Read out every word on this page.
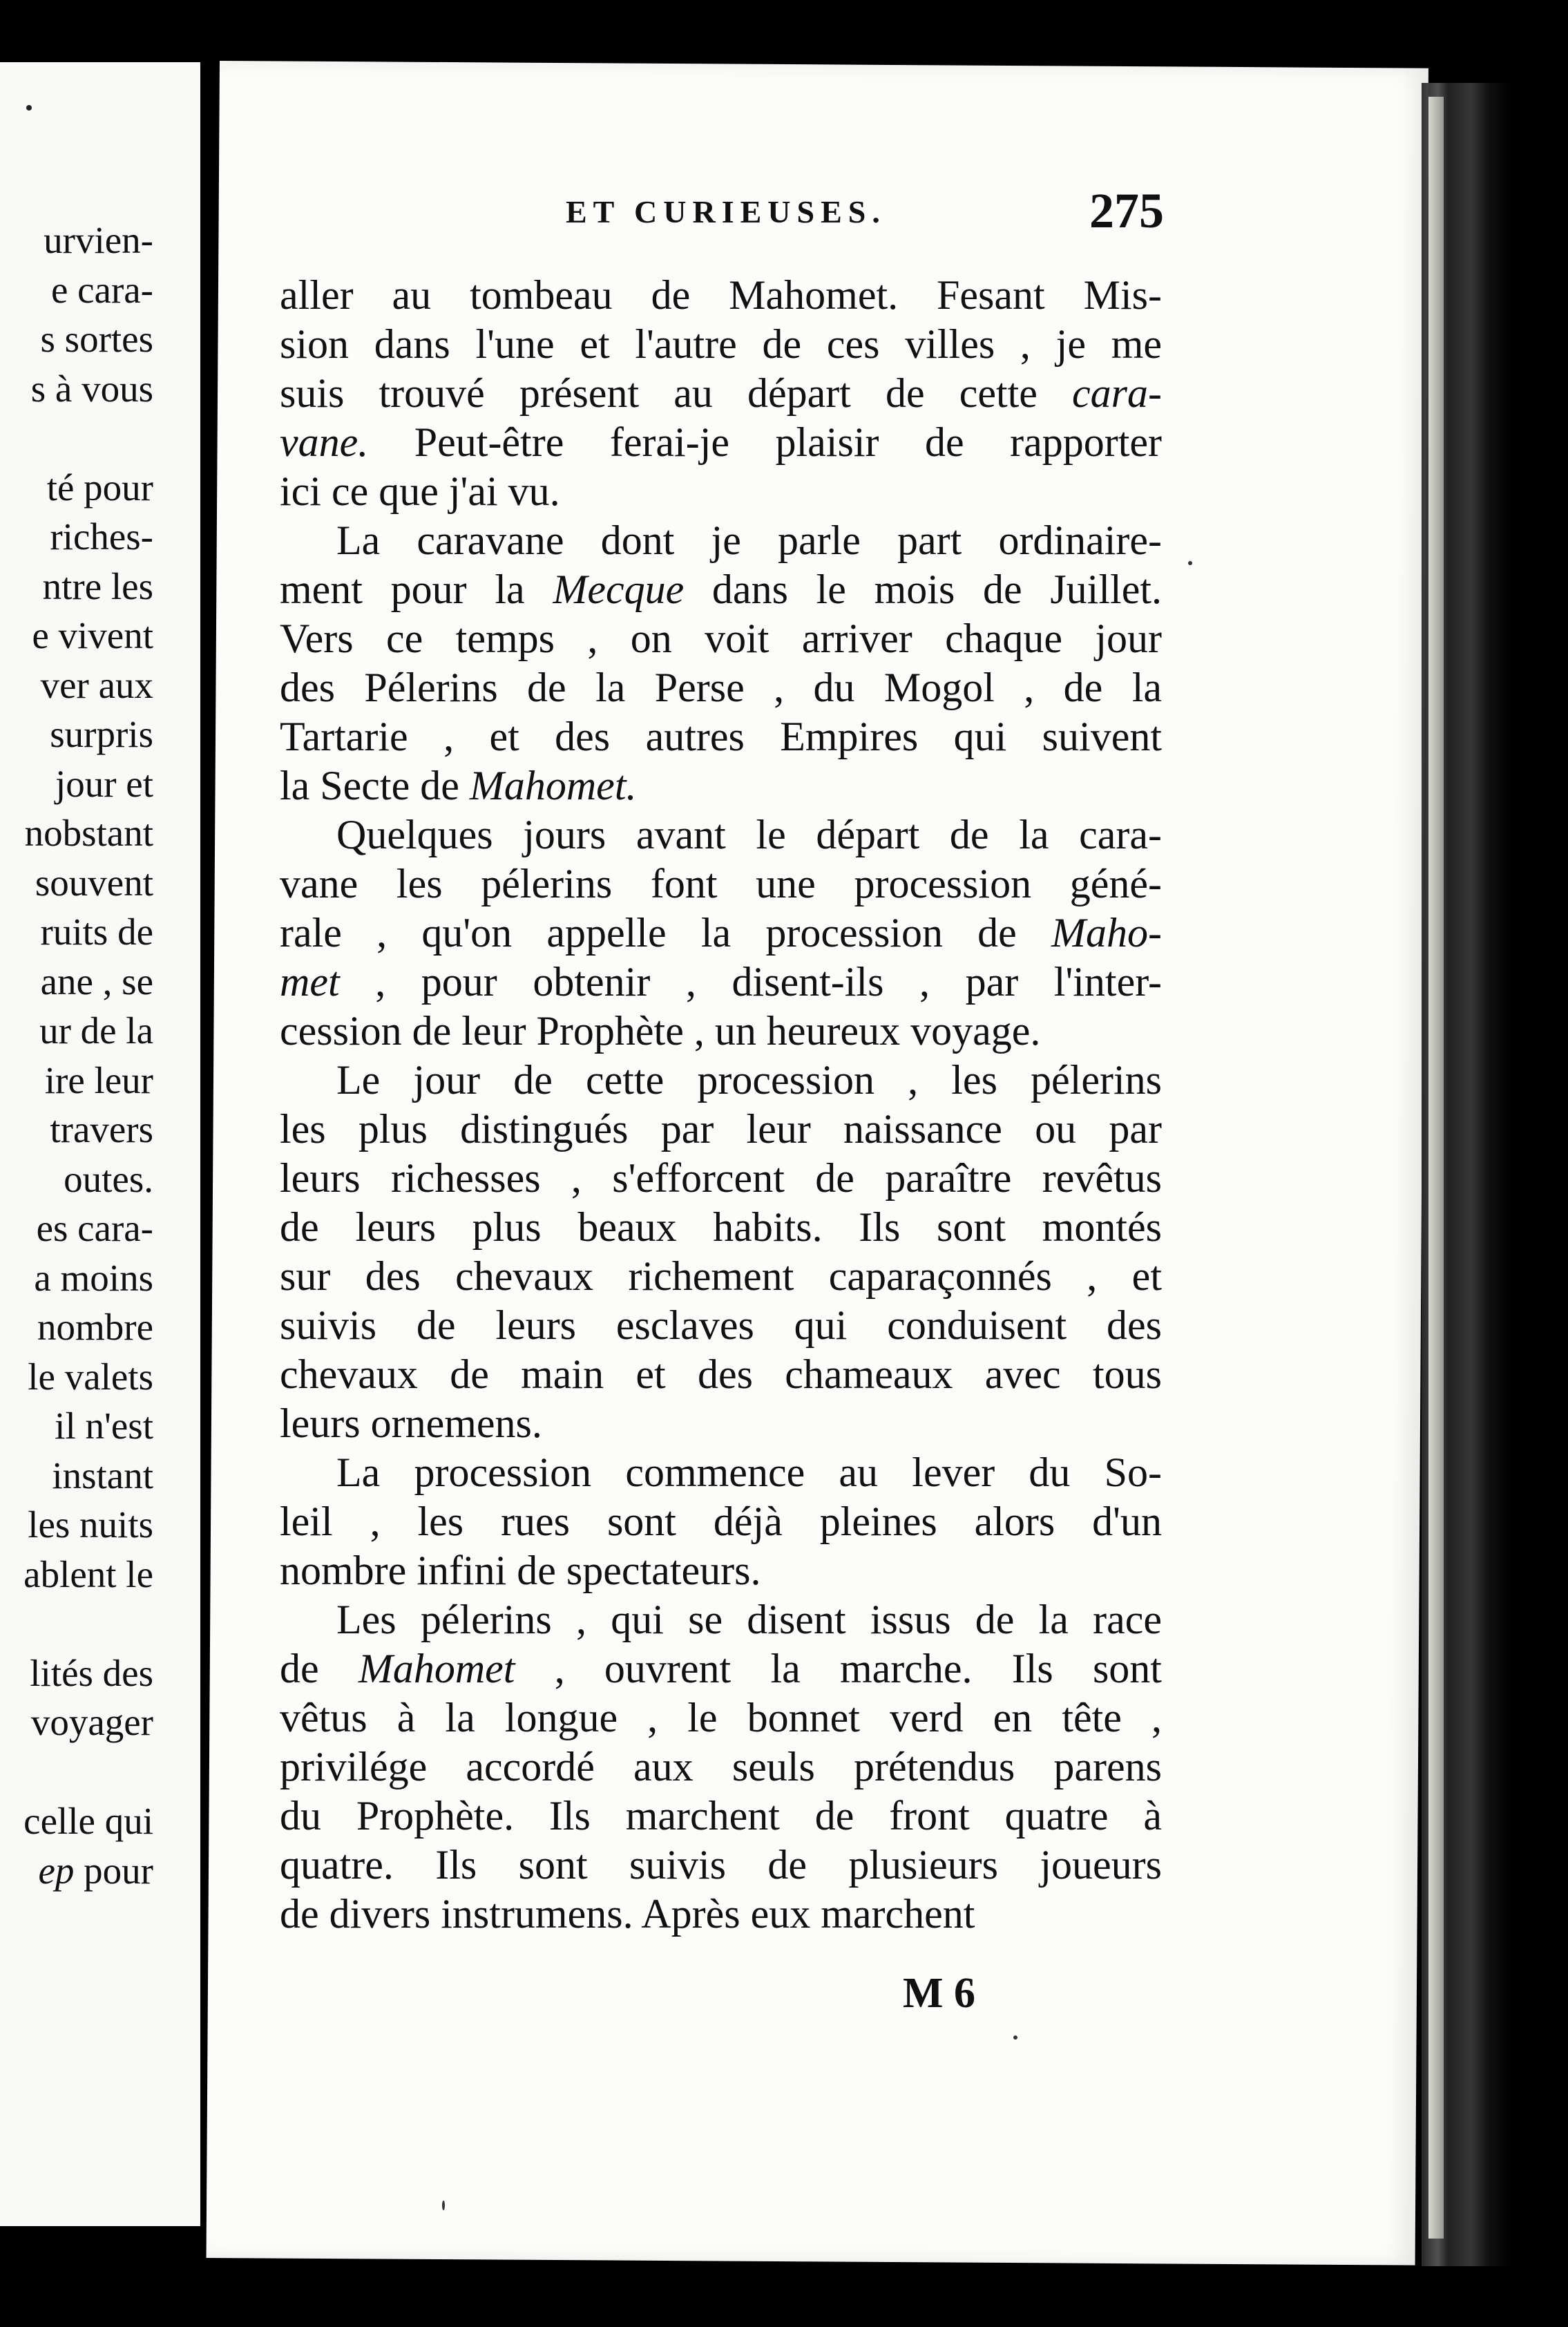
urvien-
e cara-
s sortes
s à vous
té pour
riches-
ntre les
e vivent
ver aux
surpris
jour et
nobstant
souvent
ruits de
ane , se
ur de la
ire leur
travers
outes.
es cara-
a moins
nombre
le valets
il n'est
instant
les nuits
ablent le
lités des
voyager
celle qui
ep pour
ET CURIEUSES.	275
aller au tombeau de Mahomet. Fesant Mis-
sion dans l'une et l'autre de ces villes , je me
suis trouvé présent au départ de cette cara-
vane. Peut-être ferai-je plaisir de rapporter
ici ce que j'ai vu.
La caravane dont je parle part ordinaire-
ment pour la Mecque dans le mois de Juillet.
Vers ce temps , on voit arriver chaque jour
des Pélerins de la Perse , du Mogol , de la
Tartarie , et des autres Empires qui suivent
la Secte de Mahomet.
Quelques jours avant le départ de la cara-
vane les pélerins font une procession géné-
rale , qu'on appelle la procession de Maho-
met , pour obtenir , disent-ils , par l'inter-
cession de leur Prophète , un heureux voyage.
Le jour de cette procession , les pélerins
les plus distingués par leur naissance ou par
leurs richesses , s'efforcent de paraître revêtus
de leurs plus beaux habits. Ils sont montés
sur des chevaux richement caparaçonnés , et
suivis de leurs esclaves qui conduisent des
chevaux de main et des chameaux avec tous
leurs ornemens.
La procession commence au lever du So-
leil , les rues sont déjà pleines alors d'un
nombre infini de spectateurs.
Les pélerins , qui se disent issus de la race
de Mahomet , ouvrent la marche. Ils sont
vêtus à la longue , le bonnet verd en tête ,
privilége accordé aux seuls prétendus parens
du Prophète. Ils marchent de front quatre à
quatre. Ils sont suivis de plusieurs joueurs
de divers instrumens. Après eux marchent
M 6
